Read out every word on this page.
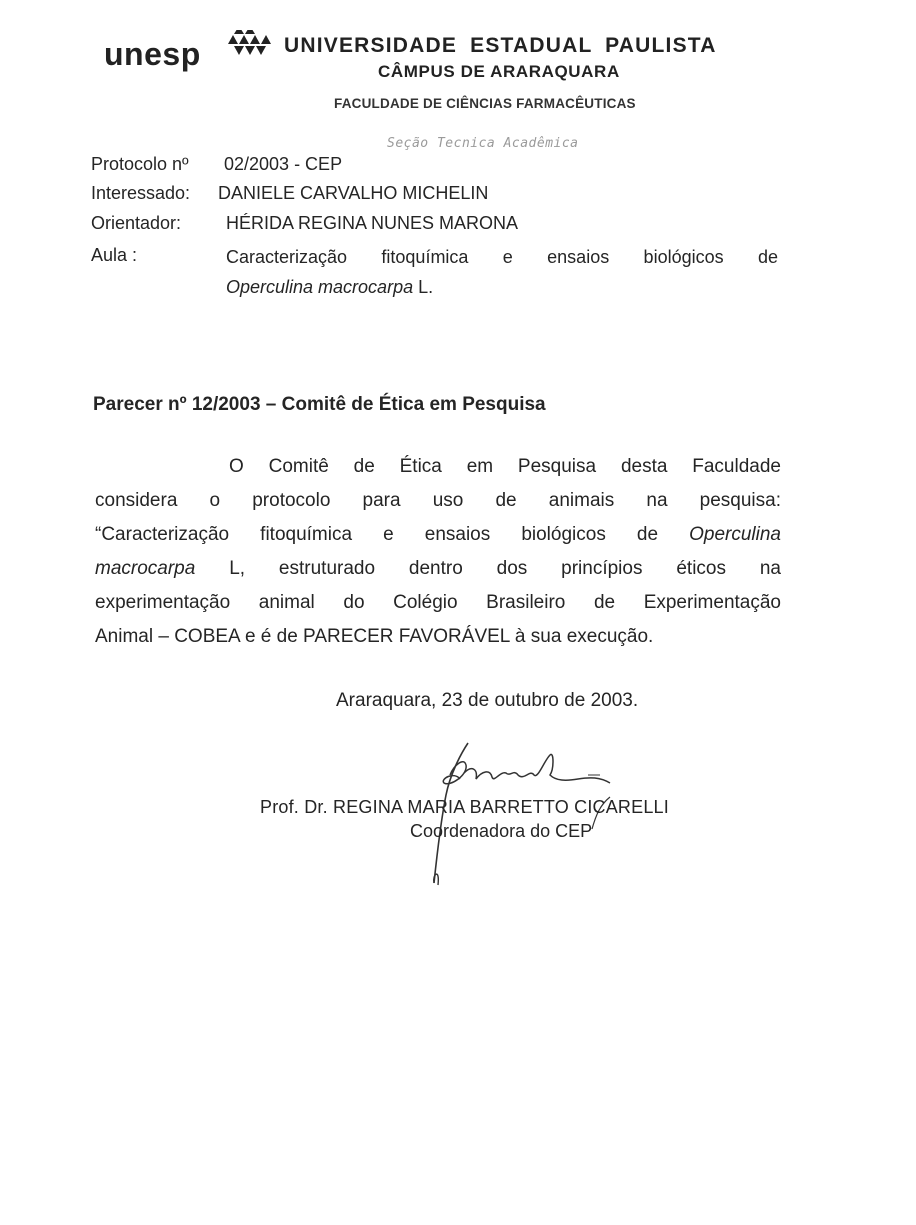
unesp	UNIVERSIDADE ESTADUAL PAULISTA
CÂMPUS DE ARARAQUARA
FACULDADE DE CIÊNCIAS FARMACÊUTICAS
Seção Tecnica Acadêmica
Protocolo nº 02/2003 - CEP
Interessado: DANIELE CARVALHO MICHELIN
Orientador: HÉRIDA REGINA NUNES MARONA
Aula :	Caracterização fitoquímica e ensaios biológicos de
Operculina macrocarpa L.
Parecer nº 12/2003 – Comitê de Ética em Pesquisa
O Comitê de Ética em Pesquisa desta Faculdade
considera o protocolo para uso de animais na pesquisa:
“Caracterização fitoquímica e ensaios biológicos de Operculina
macrocarpa L, estruturado dentro dos princípios éticos na
experimentação animal do Colégio Brasileiro de Experimentação
Animal – COBEA e é de PARECER FAVORÁVEL à sua execução.
Araraquara, 23 de outubro de 2003.
Prof. Dr. REGINA MARIA BARRETTO CICARELLI
Coordenadora do CEP
